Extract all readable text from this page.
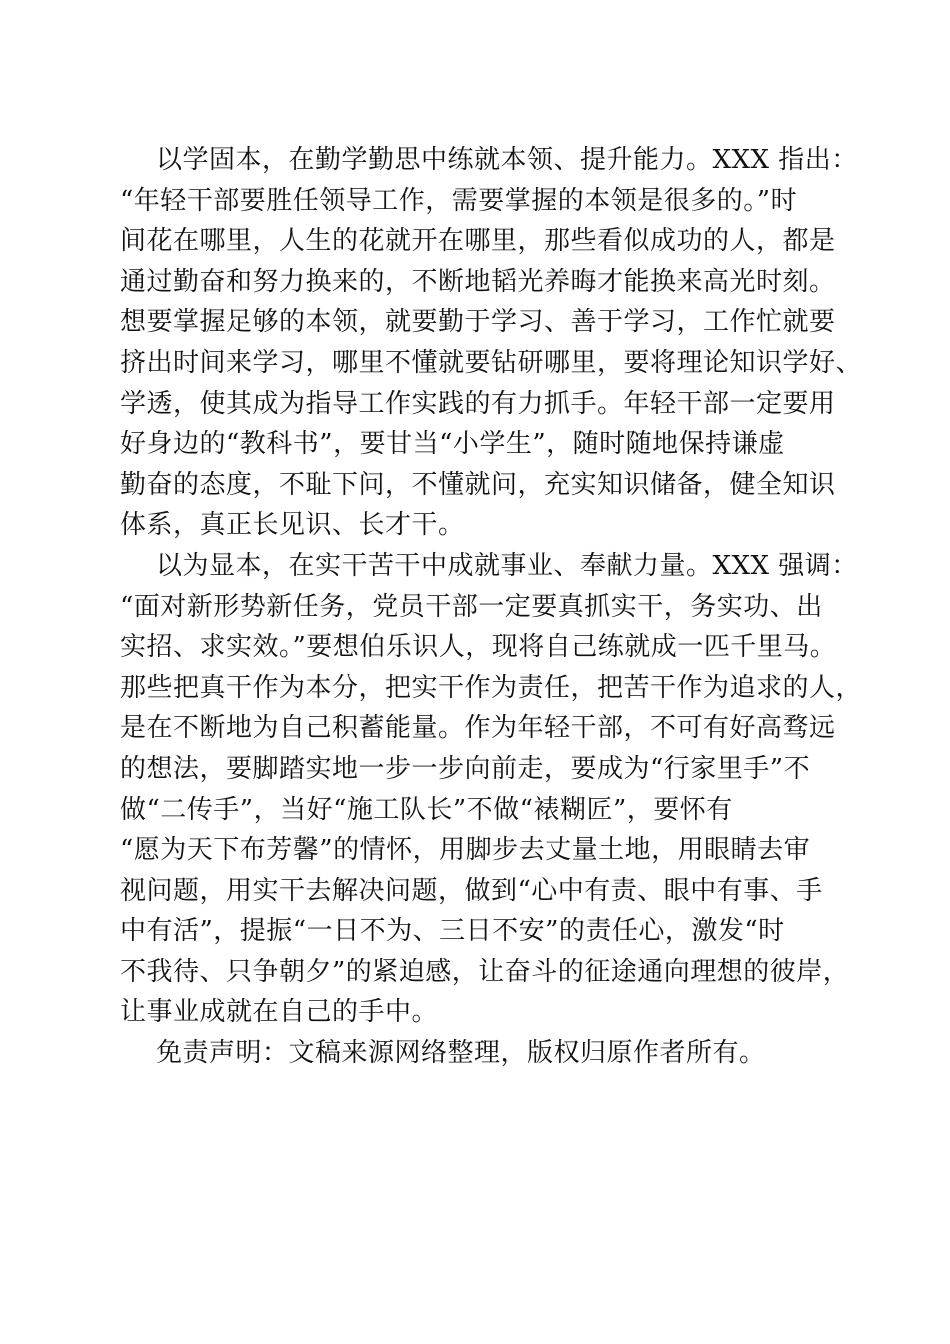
以学固本，在勤学勤思中练就本领、提升能力。XXX 指出：
“年轻干部要胜任领导工作，需要掌握的本领是很多的。”时
间花在哪里，人生的花就开在哪里，那些看似成功的人，都是
通过勤奋和努力换来的，不断地韬光养晦才能换来高光时刻。
想要掌握足够的本领，就要勤于学习、善于学习，工作忙就要
挤出时间来学习，哪里不懂就要钻研哪里，要将理论知识学好、
学透，使其成为指导工作实践的有力抓手。年轻干部一定要用
好身边的“教科书”，要甘当“小学生”，随时随地保持谦虚
勤奋的态度，不耻下问，不懂就问，充实知识储备，健全知识
体系，真正长见识、长才干。
以为显本，在实干苦干中成就事业、奉献力量。XXX 强调：
“面对新形势新任务，党员干部一定要真抓实干，务实功、出
实招、求实效。”要想伯乐识人，现将自己练就成一匹千里马。
那些把真干作为本分，把实干作为责任，把苦干作为追求的人，
是在不断地为自己积蓄能量。作为年轻干部，不可有好高骛远
的想法，要脚踏实地一步一步向前走，要成为“行家里手”不
做“二传手”，当好“施工队长”不做“裱糊匠”，要怀有
“愿为天下布芳馨”的情怀，用脚步去丈量土地，用眼睛去审
视问题，用实干去解决问题，做到“心中有责、眼中有事、手
中有活”，提振“一日不为、三日不安”的责任心，激发“时
不我待、只争朝夕”的紧迫感，让奋斗的征途通向理想的彼岸，
让事业成就在自己的手中。

免责声明：文稿来源网络整理，版权归原作者所有。
